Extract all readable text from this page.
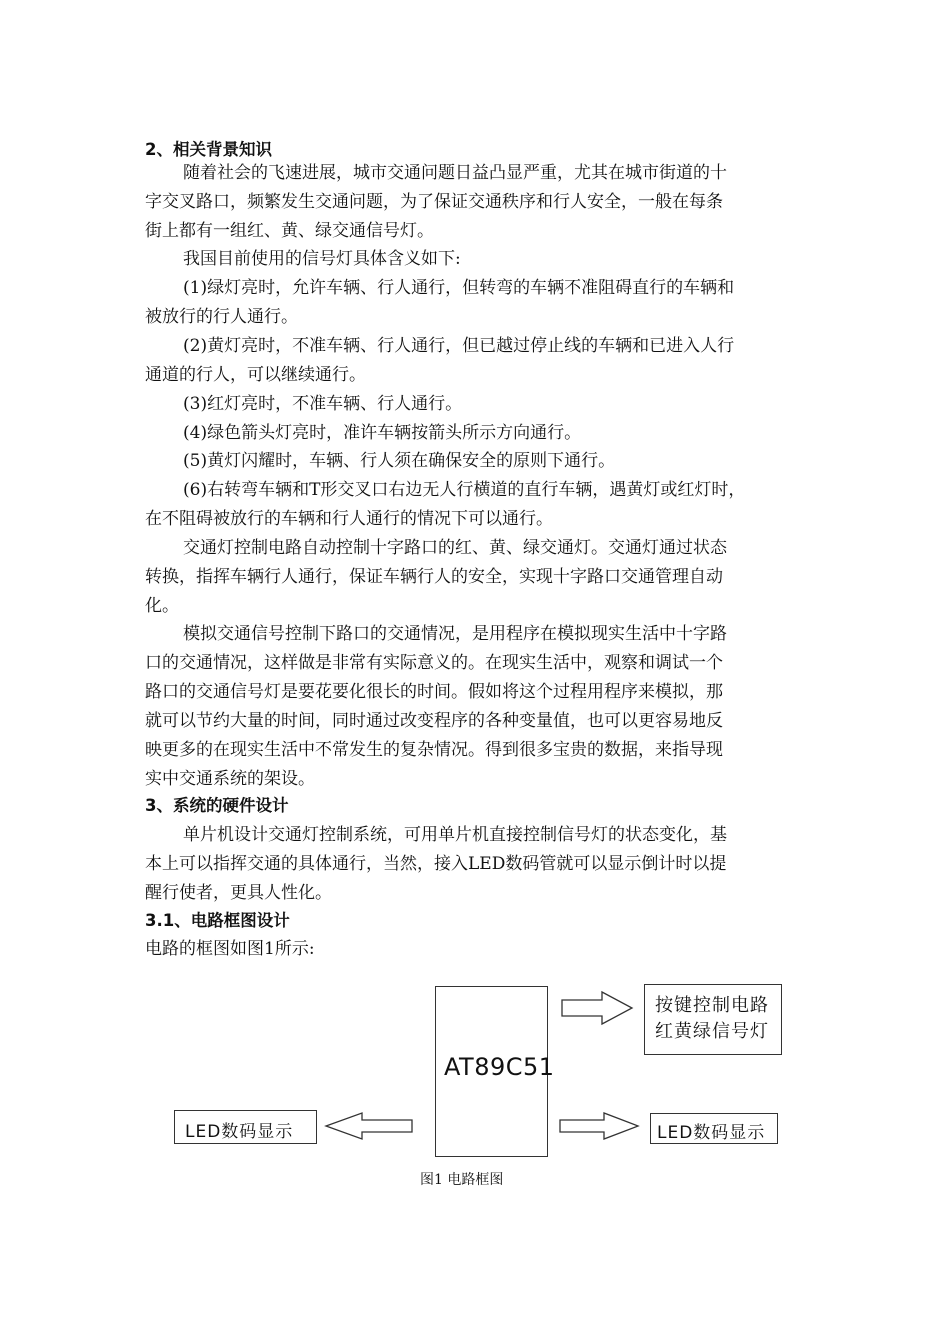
2、相关背景知识
随着社会的飞速进展，城市交通问题日益凸显严重，尤其在城市街道的十
字交叉路口，频繁发生交通问题，为了保证交通秩序和行人安全，一般在每条
街上都有一组红、黄、绿交通信号灯。
我国目前使用的信号灯具体含义如下:
(1)绿灯亮时，允许车辆、行人通行，但转弯的车辆不准阻碍直行的车辆和
被放行的行人通行。
(2)黄灯亮时，不准车辆、行人通行，但已越过停止线的车辆和已进入人行
通道的行人，可以继续通行。
(3)红灯亮时，不准车辆、行人通行。
(4)绿色箭头灯亮时，准许车辆按箭头所示方向通行。
(5)黄灯闪耀时，车辆、行人须在确保安全的原则下通行。
(6)右转弯车辆和T形交叉口右边无人行横道的直行车辆，遇黄灯或红灯时，
在不阻碍被放行的车辆和行人通行的情况下可以通行。
交通灯控制电路自动控制十字路口的红、黄、绿交通灯。交通灯通过状态
转换，指挥车辆行人通行，保证车辆行人的安全，实现十字路口交通管理自动
化。
模拟交通信号控制下路口的交通情况，是用程序在模拟现实生活中十字路
口的交通情况，这样做是非常有实际意义的。在现实生活中，观察和调试一个
路口的交通信号灯是要花要化很长的时间。假如将这个过程用程序来模拟，那
就可以节约大量的时间，同时通过改变程序的各种变量值，也可以更容易地反
映更多的在现实生活中不常发生的复杂情况。得到很多宝贵的数据，来指导现
实中交通系统的架设。
3、系统的硬件设计
单片机设计交通灯控制系统，可用单片机直接控制信号灯的状态变化，基
本上可以指挥交通的具体通行，当然，接入LED数码管就可以显示倒计时以提
醒行使者，更具人性化。
3.1、电路框图设计
电路的框图如图1所示:
AT89C51
按键控制电路
红黄绿信号灯
LED数码显示	LED数码显示
图1 电路框图
